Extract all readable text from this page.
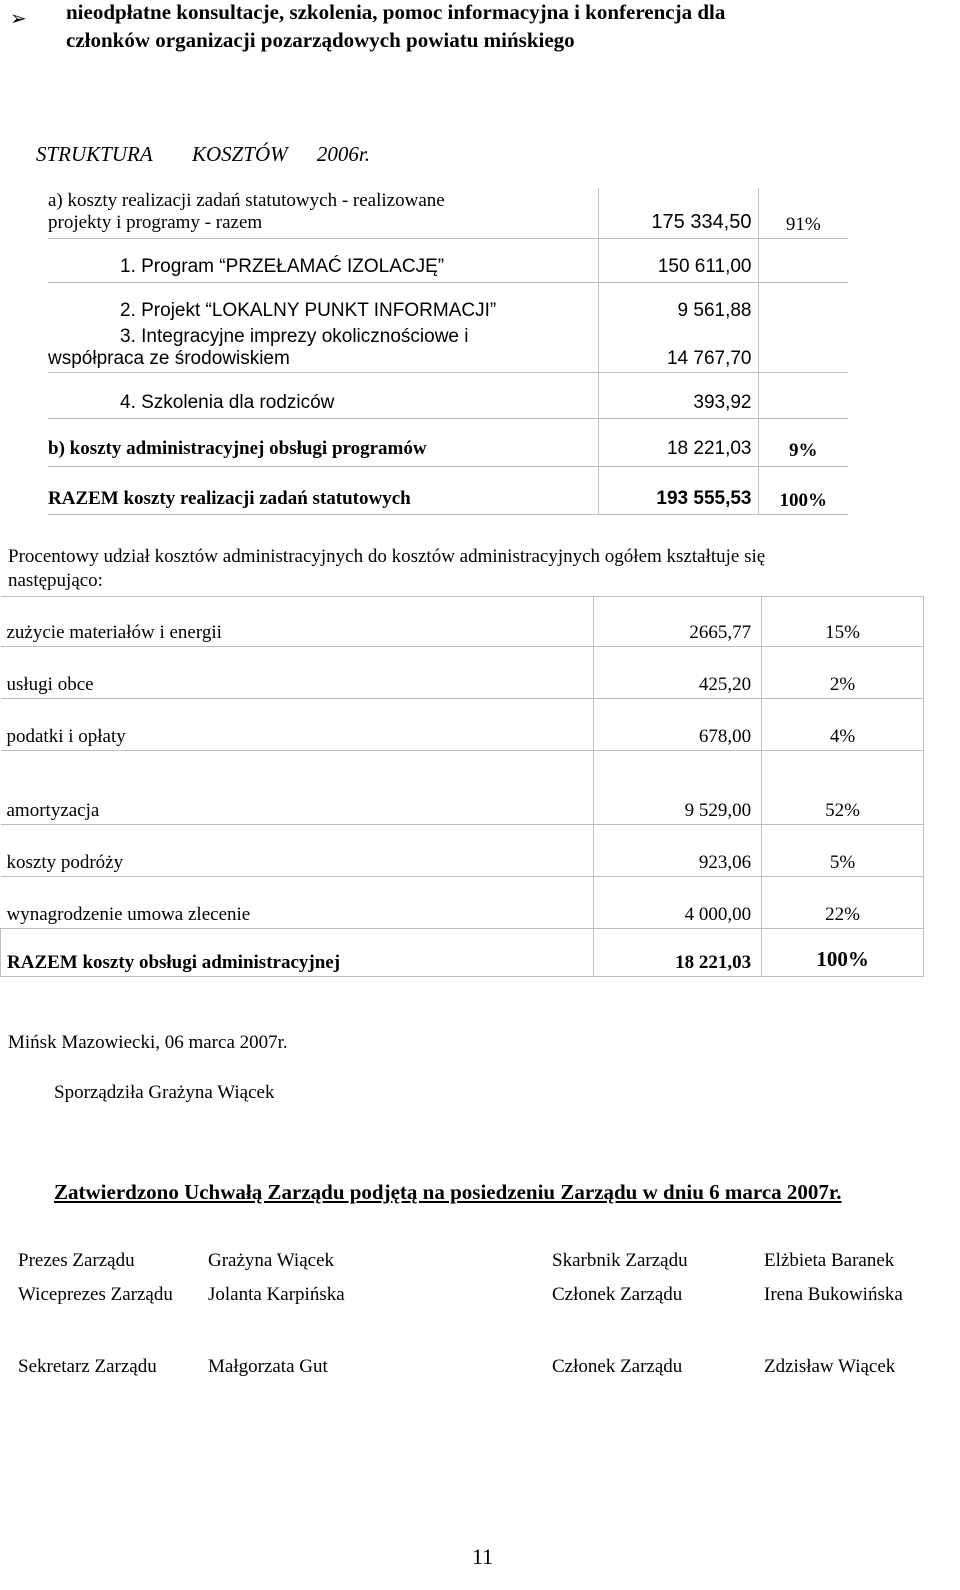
➢ nieodpłatne konsultacje, szkolenia, pomoc informacyjna i konferencja dla
członków organizacji pozarządowych powiatu mińskiego
STRUKTURA KOSZTÓW 2006r.
a) koszty realizacji zadań statutowych - realizowane
projekty i programy - razem	175 334,50	91%
1. Program “PRZEŁAMAĆ IZOLACJĘ”	150 611,00	
2. Projekt “LOKALNY PUNKT INFORMACJI”	9 561,88	

3. Integracyjne imprezy okolicznościowe i
współpraca ze środowiskiem	14 767,70	
4. Szkolenia dla rodziców	393,92	
b) koszty administracyjnej obsługi programów	18 221,03	9%
RAZEM koszty realizacji zadań statutowych	193 555,53	100%
Procentowy udział kosztów administracyjnych do kosztów administracyjnych ogółem kształtuje się
następująco:
zużycie materiałów i energii	2665,77	15%
usługi obce	425,20	2%
podatki i opłaty	678,00	4%
amortyzacja	9 529,00	52%
koszty podróży	923,06	5%
wynagrodzenie umowa zlecenie	4 000,00	22%
RAZEM koszty obsługi administracyjnej	18 221,03	100%
Mińsk Mazowiecki, 06 marca 2007r.
Sporządziła Grażyna Wiącek
Zatwierdzono Uchwałą Zarządu podjętą na posiedzeniu Zarządu w dniu 6 marca 2007r.
Prezes Zarządu	Grażyna Wiącek	Skarbnik Zarządu	Elżbieta Baranek
Wiceprezes Zarządu Jolanta Karpińska	Członek Zarządu	Irena Bukowińska
Sekretarz Zarządu	Małgorzata Gut	Członek Zarządu	Zdzisław Wiącek
11
